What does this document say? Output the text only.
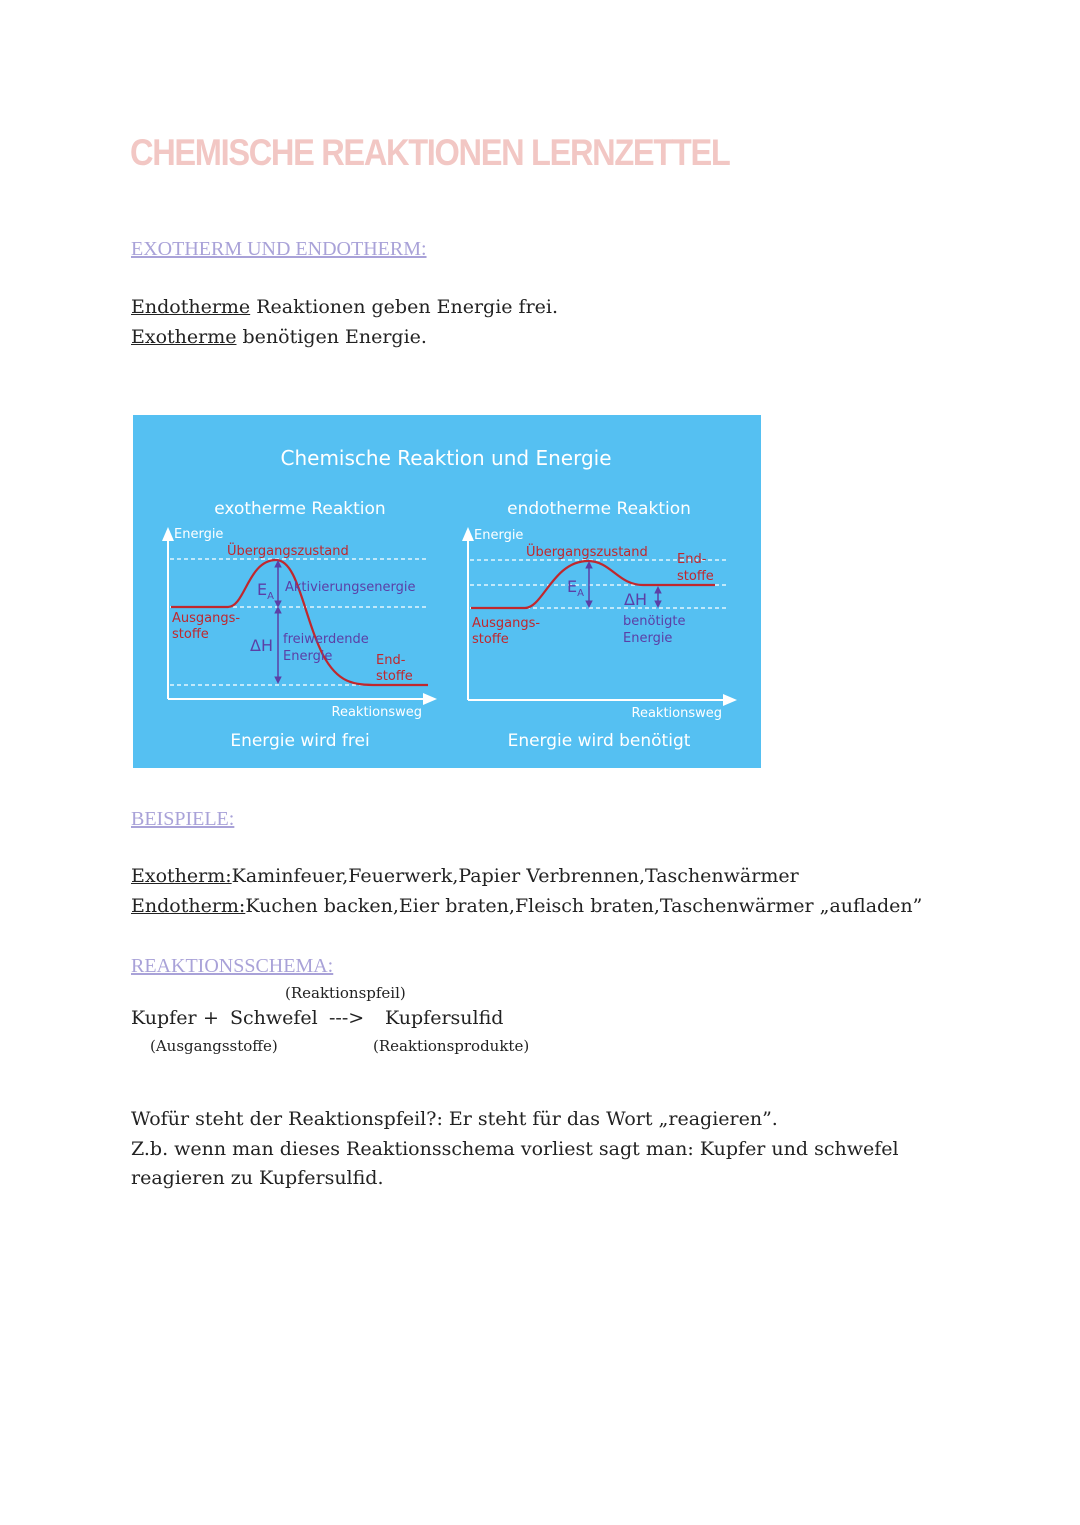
CHEMISCHE REAKTIONEN LERNZETTEL

EXOTHERM UND ENDOTHERM:

Endotherme Reaktionen geben Energie frei.

Exotherme benötigen Energie.

Chemische Reaktion und Energie
exotherme Reaktion
Energie
Reaktionsweg
$E_A$
Aktivierungsenergie
ΔH freiwerdende
Energie
Übergangszustand
Ausgangs-
stoffe
End-
stoffe
Energie wird frei
endotherme Reaktion
Energie
Reaktionsweg
$E_A$	ΔH
benötigte
Energie
Übergangszustand End-
stoffe
Ausgangs-
stoffe
Energie wird benötigt

BEISPIELE:

Exotherm:Kaminfeuer,Feuerwerk,Papier Verbrennen,Taschenwärmer

Endotherm:Kuchen backen,Eier braten,Fleisch braten,Taschenwärmer „aufladen”

REAKTIONSSCHEMA:

(Reaktionspfeil)
Kupfer + Schwefel ---> Kupfersulfid
(Ausgangsstoffe)	(Reaktionsprodukte)

Wofür steht der Reaktionspfeil?: Er steht für das Wort „reagieren”.

Z.b. wenn man dieses Reaktionsschema vorliest sagt man: Kupfer und schwefel

reagieren zu Kupfersulfid.
